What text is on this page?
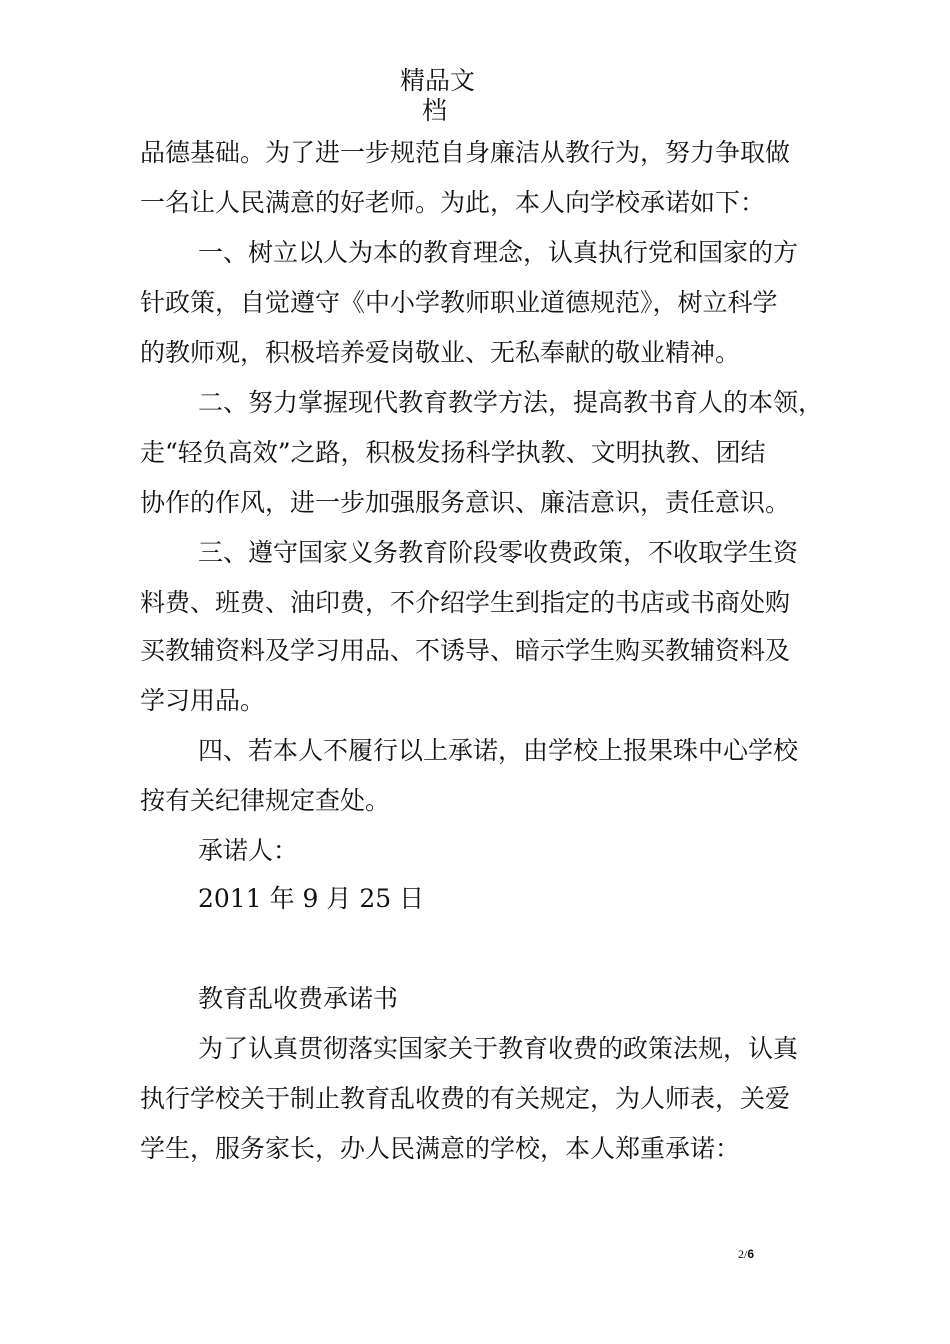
精品文
档
品德基础。为了进一步规范自身廉洁从教行为，努力争取做
一名让人民满意的好老师。为此，本人向学校承诺如下：
一、树立以人为本的教育理念，认真执行党和国家的方
针政策，自觉遵守《中小学教师职业道德规范》，树立科学
的教师观，积极培养爱岗敬业、无私奉献的敬业精神。
二、努力掌握现代教育教学方法，提高教书育人的本领，
走“轻负高效”之路，积极发扬科学执教、文明执教、团结
协作的作风，进一步加强服务意识、廉洁意识，责任意识。
三、遵守国家义务教育阶段零收费政策，不收取学生资
料费、班费、油印费，不介绍学生到指定的书店或书商处购
买教辅资料及学习用品、不诱导、暗示学生购买教辅资料及
学习用品。
四、若本人不履行以上承诺，由学校上报果珠中心学校
按有关纪律规定查处。
承诺人：
2011 年 9 月 25 日
教育乱收费承诺书
为了认真贯彻落实国家关于教育收费的政策法规，认真
执行学校关于制止教育乱收费的有关规定，为人师表，关爱
学生，服务家长，办人民满意的学校，本人郑重承诺：
2/6
